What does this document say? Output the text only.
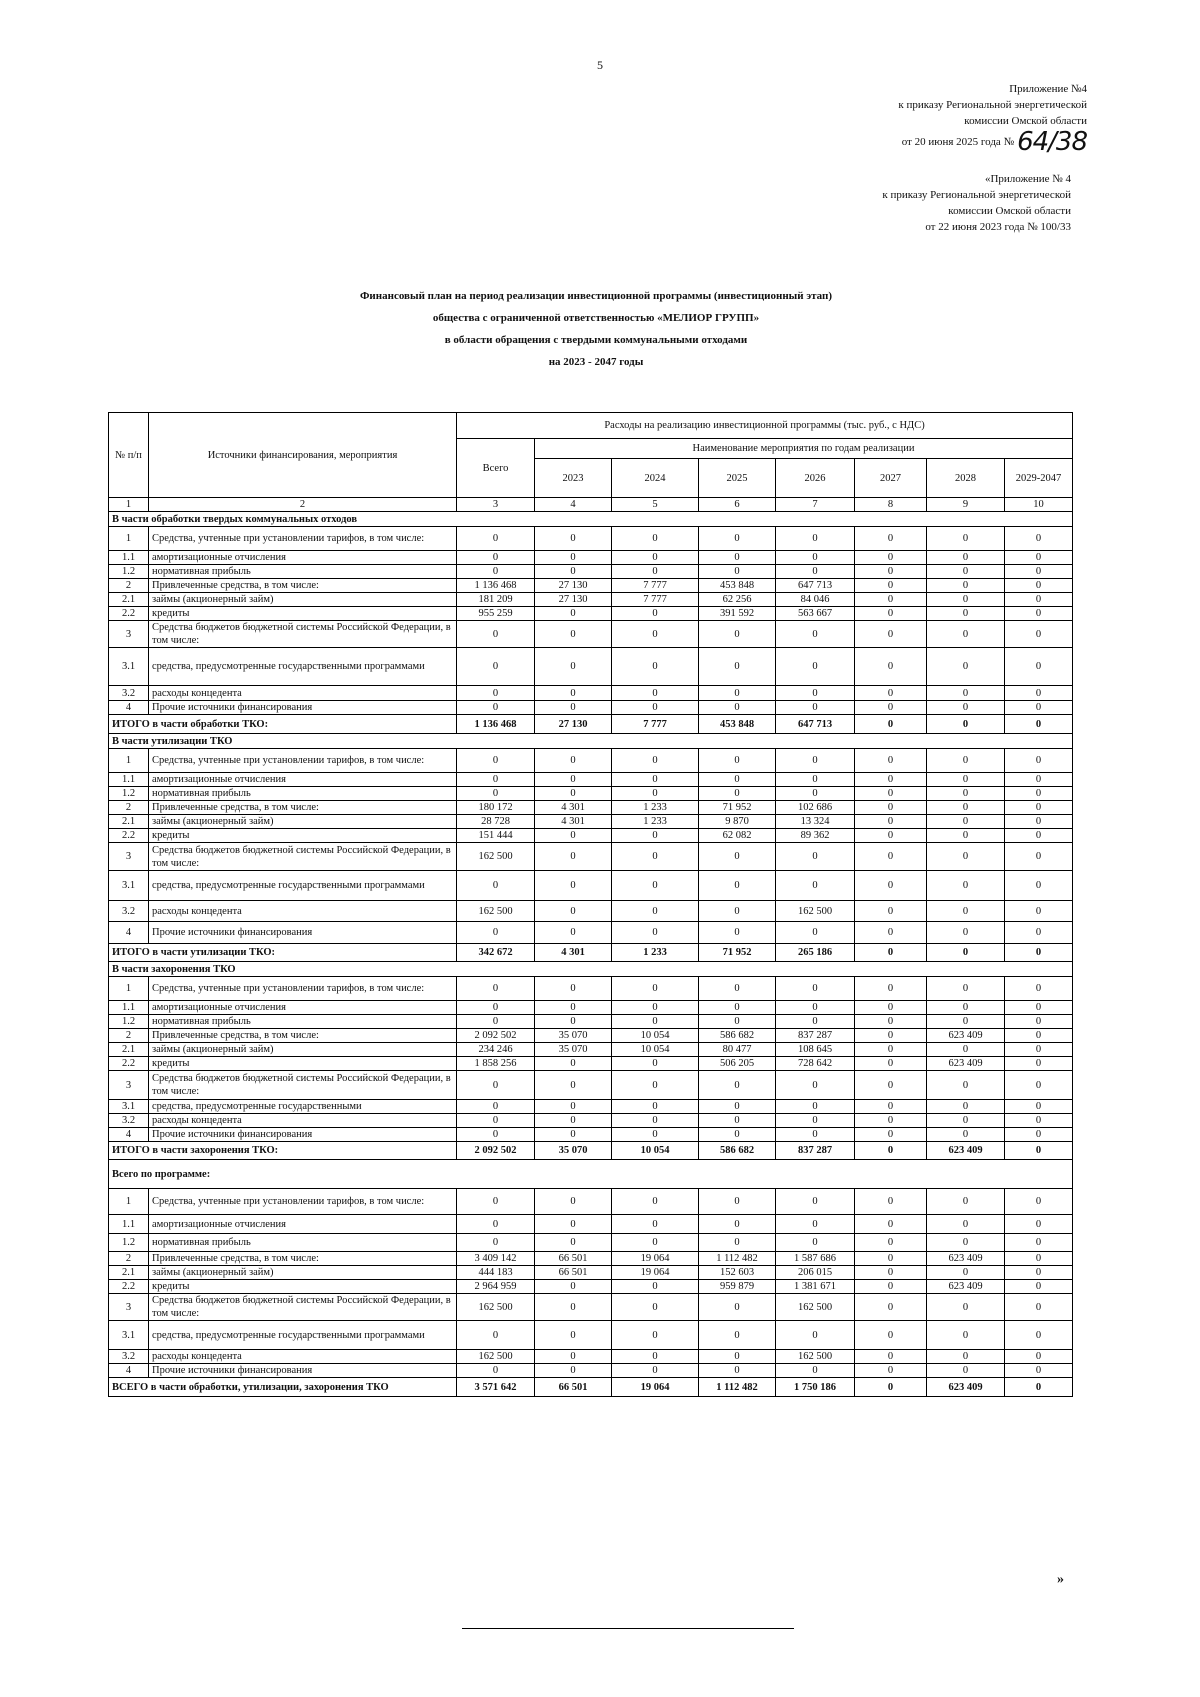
5
Приложение №4
к приказу Региональной энергетической
комиссии Омской области
от 20 июня 2025 года № 64/38
«Приложение № 4
к приказу Региональной энергетической
комиссии Омской области
от 22 июня 2023 года № 100/33
Финансовый план на период реализации инвестиционной программы (инвестиционный этап)
общества с ограниченной ответственностью «МЕЛИОР ГРУПП»
в области обращения с твердыми коммунальными отходами
на 2023 - 2047 годы
№ п/п	Источники финансирования, мероприятия	Расходы на реализацию инвестиционной программы (тыс. руб., с НДС)							
		Всего	Наименование мероприятия по годам реализации						
			2023	2024	2025	2026	2027	2028	2029-2047
1	2	3	4	5	6	7	8	9	10
В части обработки твердых коммунальных отходов									
1	Средства, учтенные при установлении тарифов, в том числе:	0	0	0	0	0	0	0	0
1.1	амортизационные отчисления	0	0	0	0	0	0	0	0
1.2	нормативная прибыль	0	0	0	0	0	0	0	0
2	Привлеченные средства, в том числе:	1 136 468	27 130	7 777	453 848	647 713	0	0	0
2.1	займы (акционерный займ)	181 209	27 130	7 777	62 256	84 046	0	0	0
2.2	кредиты	955 259	0	0	391 592	563 667	0	0	0
3	Средства бюджетов бюджетной системы Российской Федерации, в том числе:	0	0	0	0	0	0	0	0
3.1	средства, предусмотренные государственными программами	0	0	0	0	0	0	0	0
3.2	расходы концедента	0	0	0	0	0	0	0	0
4	Прочие источники финансирования	0	0	0	0	0	0	0	0
ИТОГО в части обработки ТКО:		1 136 468	27 130	7 777	453 848	647 713	0	0	0
В части утилизации ТКО									
1	Средства, учтенные при установлении тарифов, в том числе:	0	0	0	0	0	0	0	0
1.1	амортизационные отчисления	0	0	0	0	0	0	0	0
1.2	нормативная прибыль	0	0	0	0	0	0	0	0
2	Привлеченные средства, в том числе:	180 172	4 301	1 233	71 952	102 686	0	0	0
2.1	займы (акционерный займ)	28 728	4 301	1 233	9 870	13 324	0	0	0
2.2	кредиты	151 444	0	0	62 082	89 362	0	0	0
3	Средства бюджетов бюджетной системы Российской Федерации, в том числе:	162 500	0	0	0	0	0	0	0
3.1	средства, предусмотренные государственными программами	0	0	0	0	0	0	0	0
3.2	расходы концедента	162 500	0	0	0	162 500	0	0	0
4	Прочие источники финансирования	0	0	0	0	0	0	0	0
ИТОГО в части утилизации ТКО:		342 672	4 301	1 233	71 952	265 186	0	0	0
В части захоронения ТКО									
1	Средства, учтенные при установлении тарифов, в том числе:	0	0	0	0	0	0	0	0
1.1	амортизационные отчисления	0	0	0	0	0	0	0	0
1.2	нормативная прибыль	0	0	0	0	0	0	0	0
2	Привлеченные средства, в том числе:	2 092 502	35 070	10 054	586 682	837 287	0	623 409	0
2.1	займы (акционерный займ)	234 246	35 070	10 054	80 477	108 645	0	0	0
2.2	кредиты	1 858 256	0	0	506 205	728 642	0	623 409	0
3	Средства бюджетов бюджетной системы Российской Федерации, в том числе:	0	0	0	0	0	0	0	0
3.1	средства, предусмотренные государственными	0	0	0	0	0	0	0	0
3.2	расходы концедента	0	0	0	0	0	0	0	0
4	Прочие источники финансирования	0	0	0	0	0	0	0	0
ИТОГО в части захоронения ТКО:		2 092 502	35 070	10 054	586 682	837 287	0	623 409	0
Всего по программе:									
1	Средства, учтенные при установлении тарифов, в том числе:	0	0	0	0	0	0	0	0
1.1	амортизационные отчисления	0	0	0	0	0	0	0	0
1.2	нормативная прибыль	0	0	0	0	0	0	0	0
2	Привлеченные средства, в том числе:	3 409 142	66 501	19 064	1 112 482	1 587 686	0	623 409	0
2.1	займы (акционерный займ)	444 183	66 501	19 064	152 603	206 015	0	0	0
2.2	кредиты	2 964 959	0	0	959 879	1 381 671	0	623 409	0
3	Средства бюджетов бюджетной системы Российской Федерации, в том числе:	162 500	0	0	0	162 500	0	0	0
3.1	средства, предусмотренные государственными программами	0	0	0	0	0	0	0	0
3.2	расходы концедента	162 500	0	0	0	162 500	0	0	0
4	Прочие источники финансирования	0	0	0	0	0	0	0	0
ВСЕГО в части обработки, утилизации, захоронения ТКО		3 571 642	66 501	19 064	1 112 482	1 750 186	0	623 409	0
»
